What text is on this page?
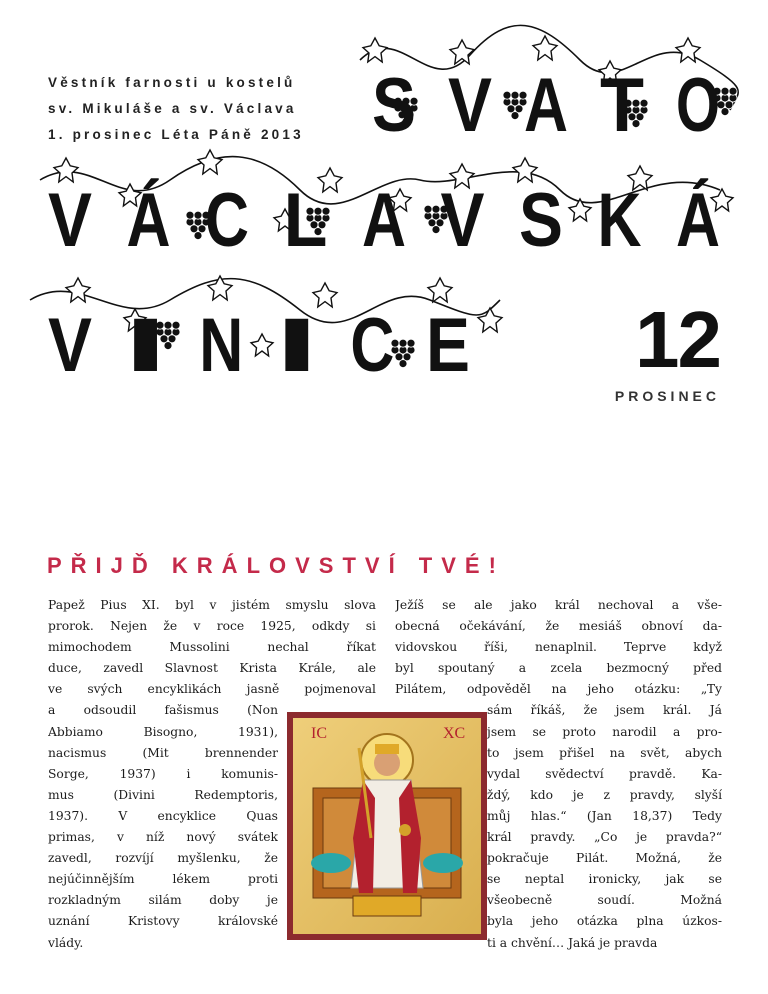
Věstník farnosti u kostelů
sv. Mikuláše a sv. Václava
1. prosinec Léta Páně 2013 S V A T O
V Á C L A V S K Á
V I N I C E 12
PROSINEC
PŘIJĎ KRÁLOVSTVÍ TVÉ!
Papež Pius XI. byl v jistém smyslu slova
prorok. Nejen že v roce 1925, odkdy si
mimochodem Mussolini nechal říkat
duce, zavedl Slavnost Krista Krále, ale
ve svých encyklikách jasně pojmenoval
a odsoudil fašismus (Non
Abbiamo Bisogno, 1931),
nacismus (Mit brennender
Sorge, 1937) i komunis-
mus (Divini Redemptoris,
1937). V encyklice Quas
primas, v níž nový svátek
zavedl, rozvíjí myšlenku, že
nejúčinnějším lékem proti
rozkladným silám doby je
uznání Kristovy královské
vlády.
Ježíš se ale jako král nechoval a vše-
obecná očekávání, že mesiáš obnoví da-
vidovskou říši, nenaplnil. Teprve když
byl spoutaný a zcela bezmocný před
Pilátem, odpověděl na jeho otázku: „Ty
sám říkáš, že jsem král. Já
jsem se proto narodil a pro-
to jsem přišel na svět, abych
vydal svědectví pravdě. Ka-
ždý, kdo je z pravdy, slyší
můj hlas.“ (Jan 18,37) Tedy
král pravdy. „Co je pravda?“
pokračuje Pilát. Možná, že
se neptal ironicky, jak se
všeobecně soudí. Možná
byla jeho otázka plna úzkos-
ti a chvění… Jaká je pravda
IC	XC
